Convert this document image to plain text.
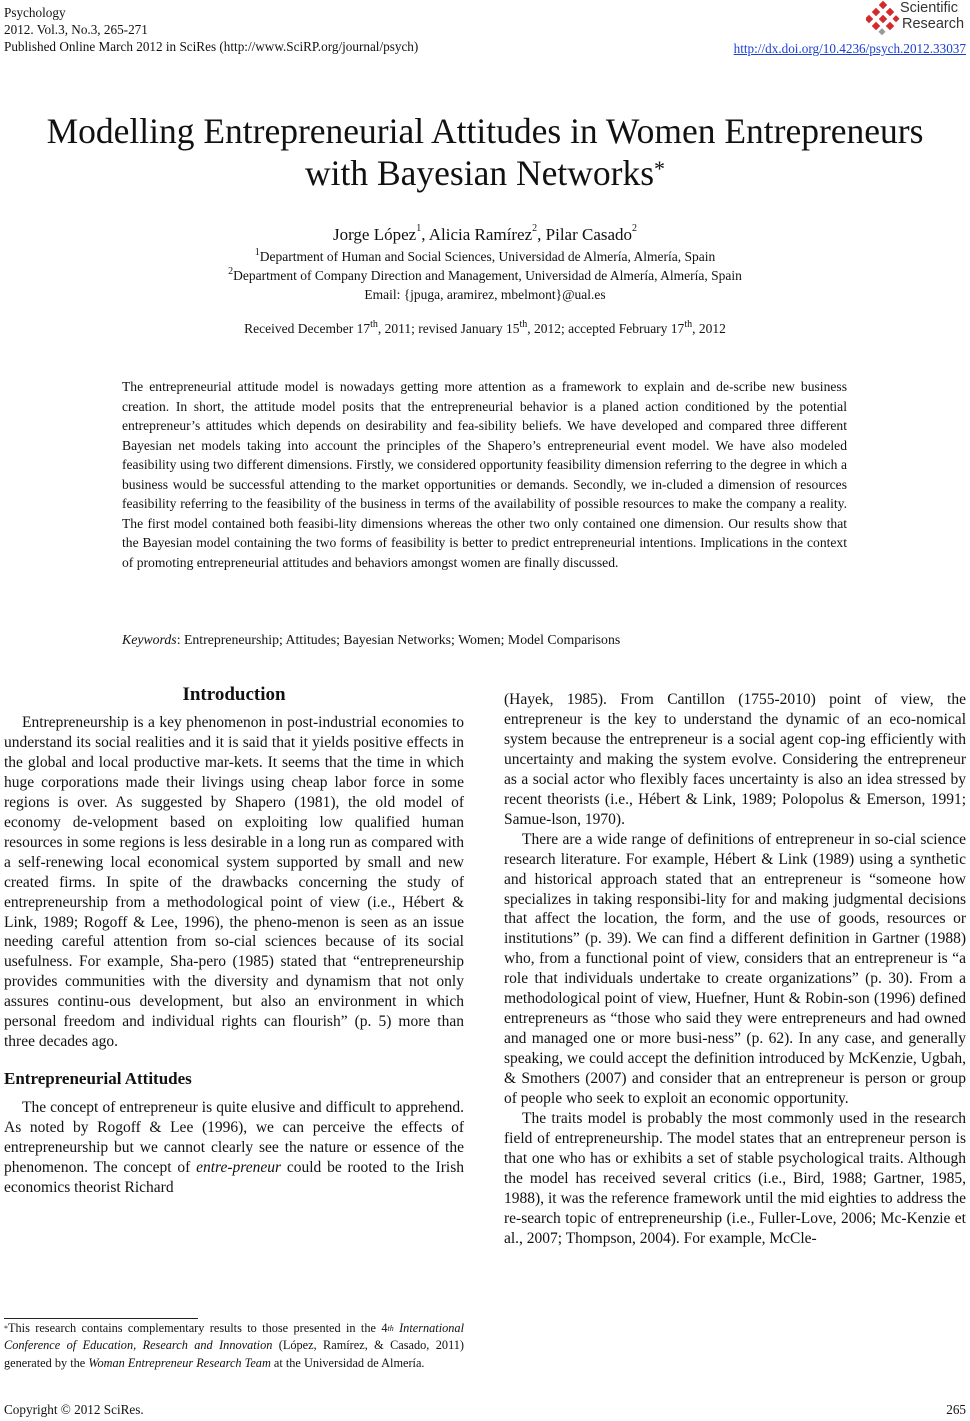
Psychology
2012. Vol.3, No.3, 265-271
Published Online March 2012 in SciRes (http://www.SciRP.org/journal/psych)
Scientific
Research
http://dx.doi.org/10.4236/psych.2012.33037
Modelling Entrepreneurial Attitudes in Women Entrepreneurs
with Bayesian Networks*
Jorge López$^1$, Alicia Ramírez$^2$, Pilar Casado$^2$
$^1$Department of Human and Social Sciences, Universidad de Almería, Almería, Spain
$^2$Department of Company Direction and Management, Universidad de Almería, Almería, Spain
Email: {jpuga, aramirez, mbelmont}@ual.es
Received December 17th, 2011; revised January 15th, 2012; accepted February 17th, 2012
The entrepreneurial attitude model is nowadays getting more attention as a framework to explain and de-scribe new business creation. In short, the attitude model posits that the entrepreneurial behavior is a planed action conditioned by the potential entrepreneur’s attitudes which depends on desirability and fea-sibility beliefs. We have developed and compared three different Bayesian net models taking into account the principles of the Shapero’s entrepreneurial event model. We have also modeled feasibility using two different dimensions. Firstly, we considered opportunity feasibility dimension referring to the degree in which a business would be successful attending to the market opportunities or demands. Secondly, we in-cluded a dimension of resources feasibility referring to the feasibility of the business in terms of the availability of possible resources to make the company a reality. The first model contained both feasibi-lity dimensions whereas the other two only contained one dimension. Our results show that the Bayesian model containing the two forms of feasibility is better to predict entrepreneurial intentions. Implications in the context of promoting entrepreneurial attitudes and behaviors amongst women are finally discussed.
Keywords: Entrepreneurship; Attitudes; Bayesian Networks; Women; Model Comparisons
Introduction

Entrepreneurship is a key phenomenon in post-industrial economies to understand its social realities and it is said that it yields positive effects in the global and local productive mar-kets. It seems that the time in which huge corporations made their livings using cheap labor force in some regions is over. As suggested by Shapero (1981), the old model of economy de-velopment based on exploiting low qualified human resources in some regions is less desirable in a long run as compared with a self-renewing local economical system supported by small and new created firms. In spite of the drawbacks concerning the study of entrepreneurship from a methodological point of view (i.e., Hébert & Link, 1989; Rogoff & Lee, 1996), the pheno-menon is seen as an issue needing careful attention from so-cial sciences because of its social usefulness. For example, Sha-pero (1985) stated that “entrepreneurship provides communities with the diversity and dynamism that not only assures continu-ous development, but also an environment in which personal freedom and individual rights can flourish” (p. 5) more than three decades ago.

Entrepreneurial Attitudes

The concept of entrepreneur is quite elusive and difficult to apprehend. As noted by Rogoff & Lee (1996), we can perceive the effects of entrepreneurship but we cannot clearly see the nature or essence of the phenomenon. The concept of entre-preneur could be rooted to the Irish economics theorist Richard

(Hayek, 1985). From Cantillon (1755-2010) point of view, the entrepreneur is the key to understand the dynamic of an eco-nomical system because the entrepreneur is a social agent cop-ing efficiently with uncertainty and making the system evolve. Considering the entrepreneur as a social actor who flexibly faces uncertainty is also an idea stressed by recent theorists (i.e., Hébert & Link, 1989; Polopolus & Emerson, 1991; Samue-lson, 1970).

There are a wide range of definitions of entrepreneur in so-cial science research literature. For example, Hébert & Link (1989) using a synthetic and historical approach stated that an entrepreneur is “someone how specializes in taking responsibi-lity for and making judgmental decisions that affect the location, the form, and the use of goods, resources or institutions” (p. 39). We can find a different definition in Gartner (1988) who, from a functional point of view, considers that an entrepreneur is “a role that individuals undertake to create organizations” (p. 30). From a methodological point of view, Huefner, Hunt & Robin-son (1996) defined entrepreneurs as “those who said they were entrepreneurs and had owned and managed one or more busi-ness” (p. 62). In any case, and generally speaking, we could accept the definition introduced by McKenzie, Ugbah, & Smothers (2007) and consider that an entrepreneur is person or group of people who seek to exploit an economic opportunity.

The traits model is probably the most commonly used in the research field of entrepreneurship. The model states that an entrepreneur person is that one who has or exhibits a set of stable psychological traits. Although the model has received several critics (i.e., Bird, 1988; Gartner, 1985, 1988), it was the reference framework until the mid eighties to address the re-search topic of entrepreneurship (i.e., Fuller-Love, 2006; Mc-Kenzie et al., 2007; Thompson, 2004). For example, McCle-

*This research contains complementary results to those presented in the 4th International Conference of Education, Research and Innovation (López, Ramírez, & Casado, 2011) generated by the Woman Entrepreneur Research Team at the Universidad de Almería.
Copyright © 2012 SciRes.	265
